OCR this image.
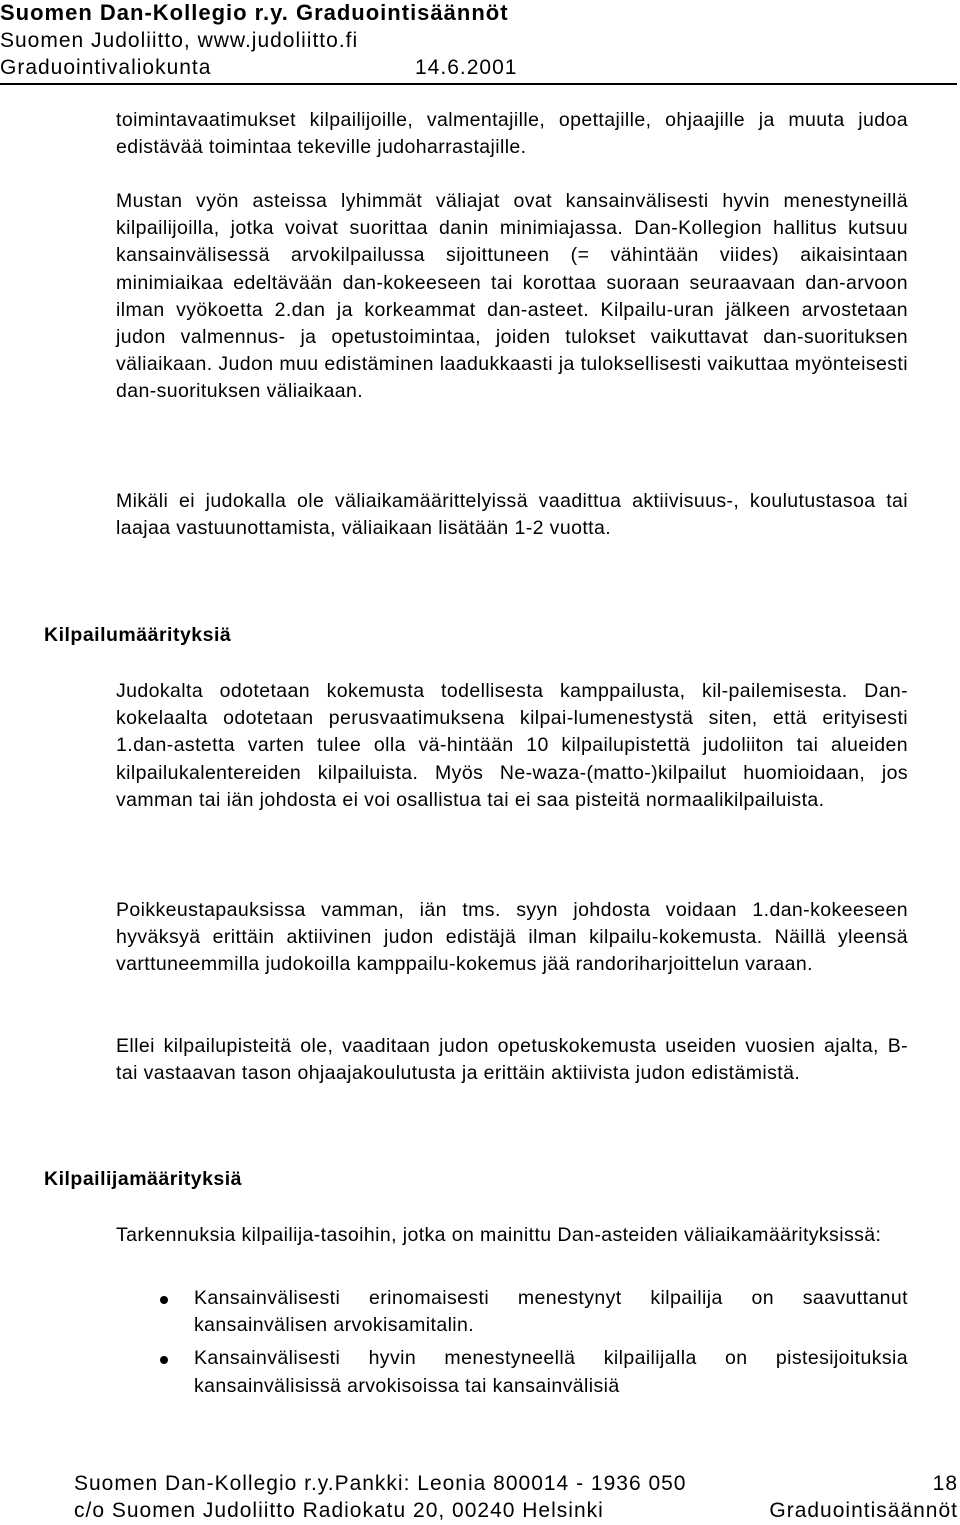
Suomen Dan-Kollegio r.y. Graduointisäännöt
Suomen Judoliitto, www.judoliitto.fi
Graduointivaliokunta	14.6.2001
toimintavaatimukset kilpailijoille, valmentajille, opettajille, ohjaajille ja muuta judoa edistävää toimintaa tekeville judoharrastajille.
Mustan vyön asteissa lyhimmät väliajat ovat kansainvälisesti hyvin menestyneillä kilpailijoilla, jotka voivat suorittaa danin minimiajassa. Dan-Kollegion hallitus kutsuu kansainvälisessä arvokilpailussa sijoittuneen (= vähintään viides) aikaisintaan minimiaikaa edeltävään dan-kokeeseen tai korottaa suoraan seuraavaan dan-arvoon ilman vyökoetta 2.dan ja korkeammat dan-asteet. Kilpailu-uran jälkeen arvostetaan judon valmennus- ja opetustoimintaa, joiden tulokset vaikuttavat dan-suorituksen väliaikaan. Judon muu edistäminen laadukkaasti ja tuloksellisesti vaikuttaa myönteisesti dan-suorituksen väliaikaan.
Mikäli ei judokalla ole väliaikamäärittelyissä vaadittua aktiivisuus-, koulutustasoa tai laajaa vastuunottamista, väliaikaan lisätään 1-2 vuotta.
Kilpailumäärityksiä
Judokalta odotetaan kokemusta todellisesta kamppailusta, kil-pailemisesta. Dan-kokelaalta odotetaan perusvaatimuksena kilpai-lumenestystä siten, että erityisesti 1.dan-astetta varten tulee olla vä-hintään 10 kilpailupistettä judoliiton tai alueiden kilpailukalentereiden kilpailuista. Myös Ne-waza-(matto-)kilpailut huomioidaan, jos vamman tai iän johdosta ei voi osallistua tai ei saa pisteitä normaalikilpailuista.
Poikkeustapauksissa vamman, iän tms. syyn johdosta voidaan 1.dan-kokeeseen hyväksyä erittäin aktiivinen judon edistäjä ilman kilpailu-kokemusta. Näillä yleensä varttuneemmilla judokoilla kamppailu-kokemus jää randoriharjoittelun varaan.
Ellei kilpailupisteitä ole, vaaditaan judon opetuskokemusta useiden vuosien ajalta, B- tai vastaavan tason ohjaajakoulutusta ja erittäin aktiivista judon edistämistä.
Kilpailijamäärityksiä
Tarkennuksia kilpailija-tasoihin, jotka on mainittu Dan-asteiden väliaikamäärityksissä:
Kansainvälisesti erinomaisesti menestynyt kilpailija on saavuttanut kansainvälisen arvokisamitalin.
Kansainvälisesti hyvin menestyneellä kilpailijalla on pistesijoituksia kansainvälisissä arvokisoissa tai kansainvälisiä
Suomen Dan-Kollegio r.y.Pankki: Leonia 800014 - 1936 050	18
c/o Suomen Judoliitto Radiokatu 20, 00240 Helsinki	Graduointisäännöt
